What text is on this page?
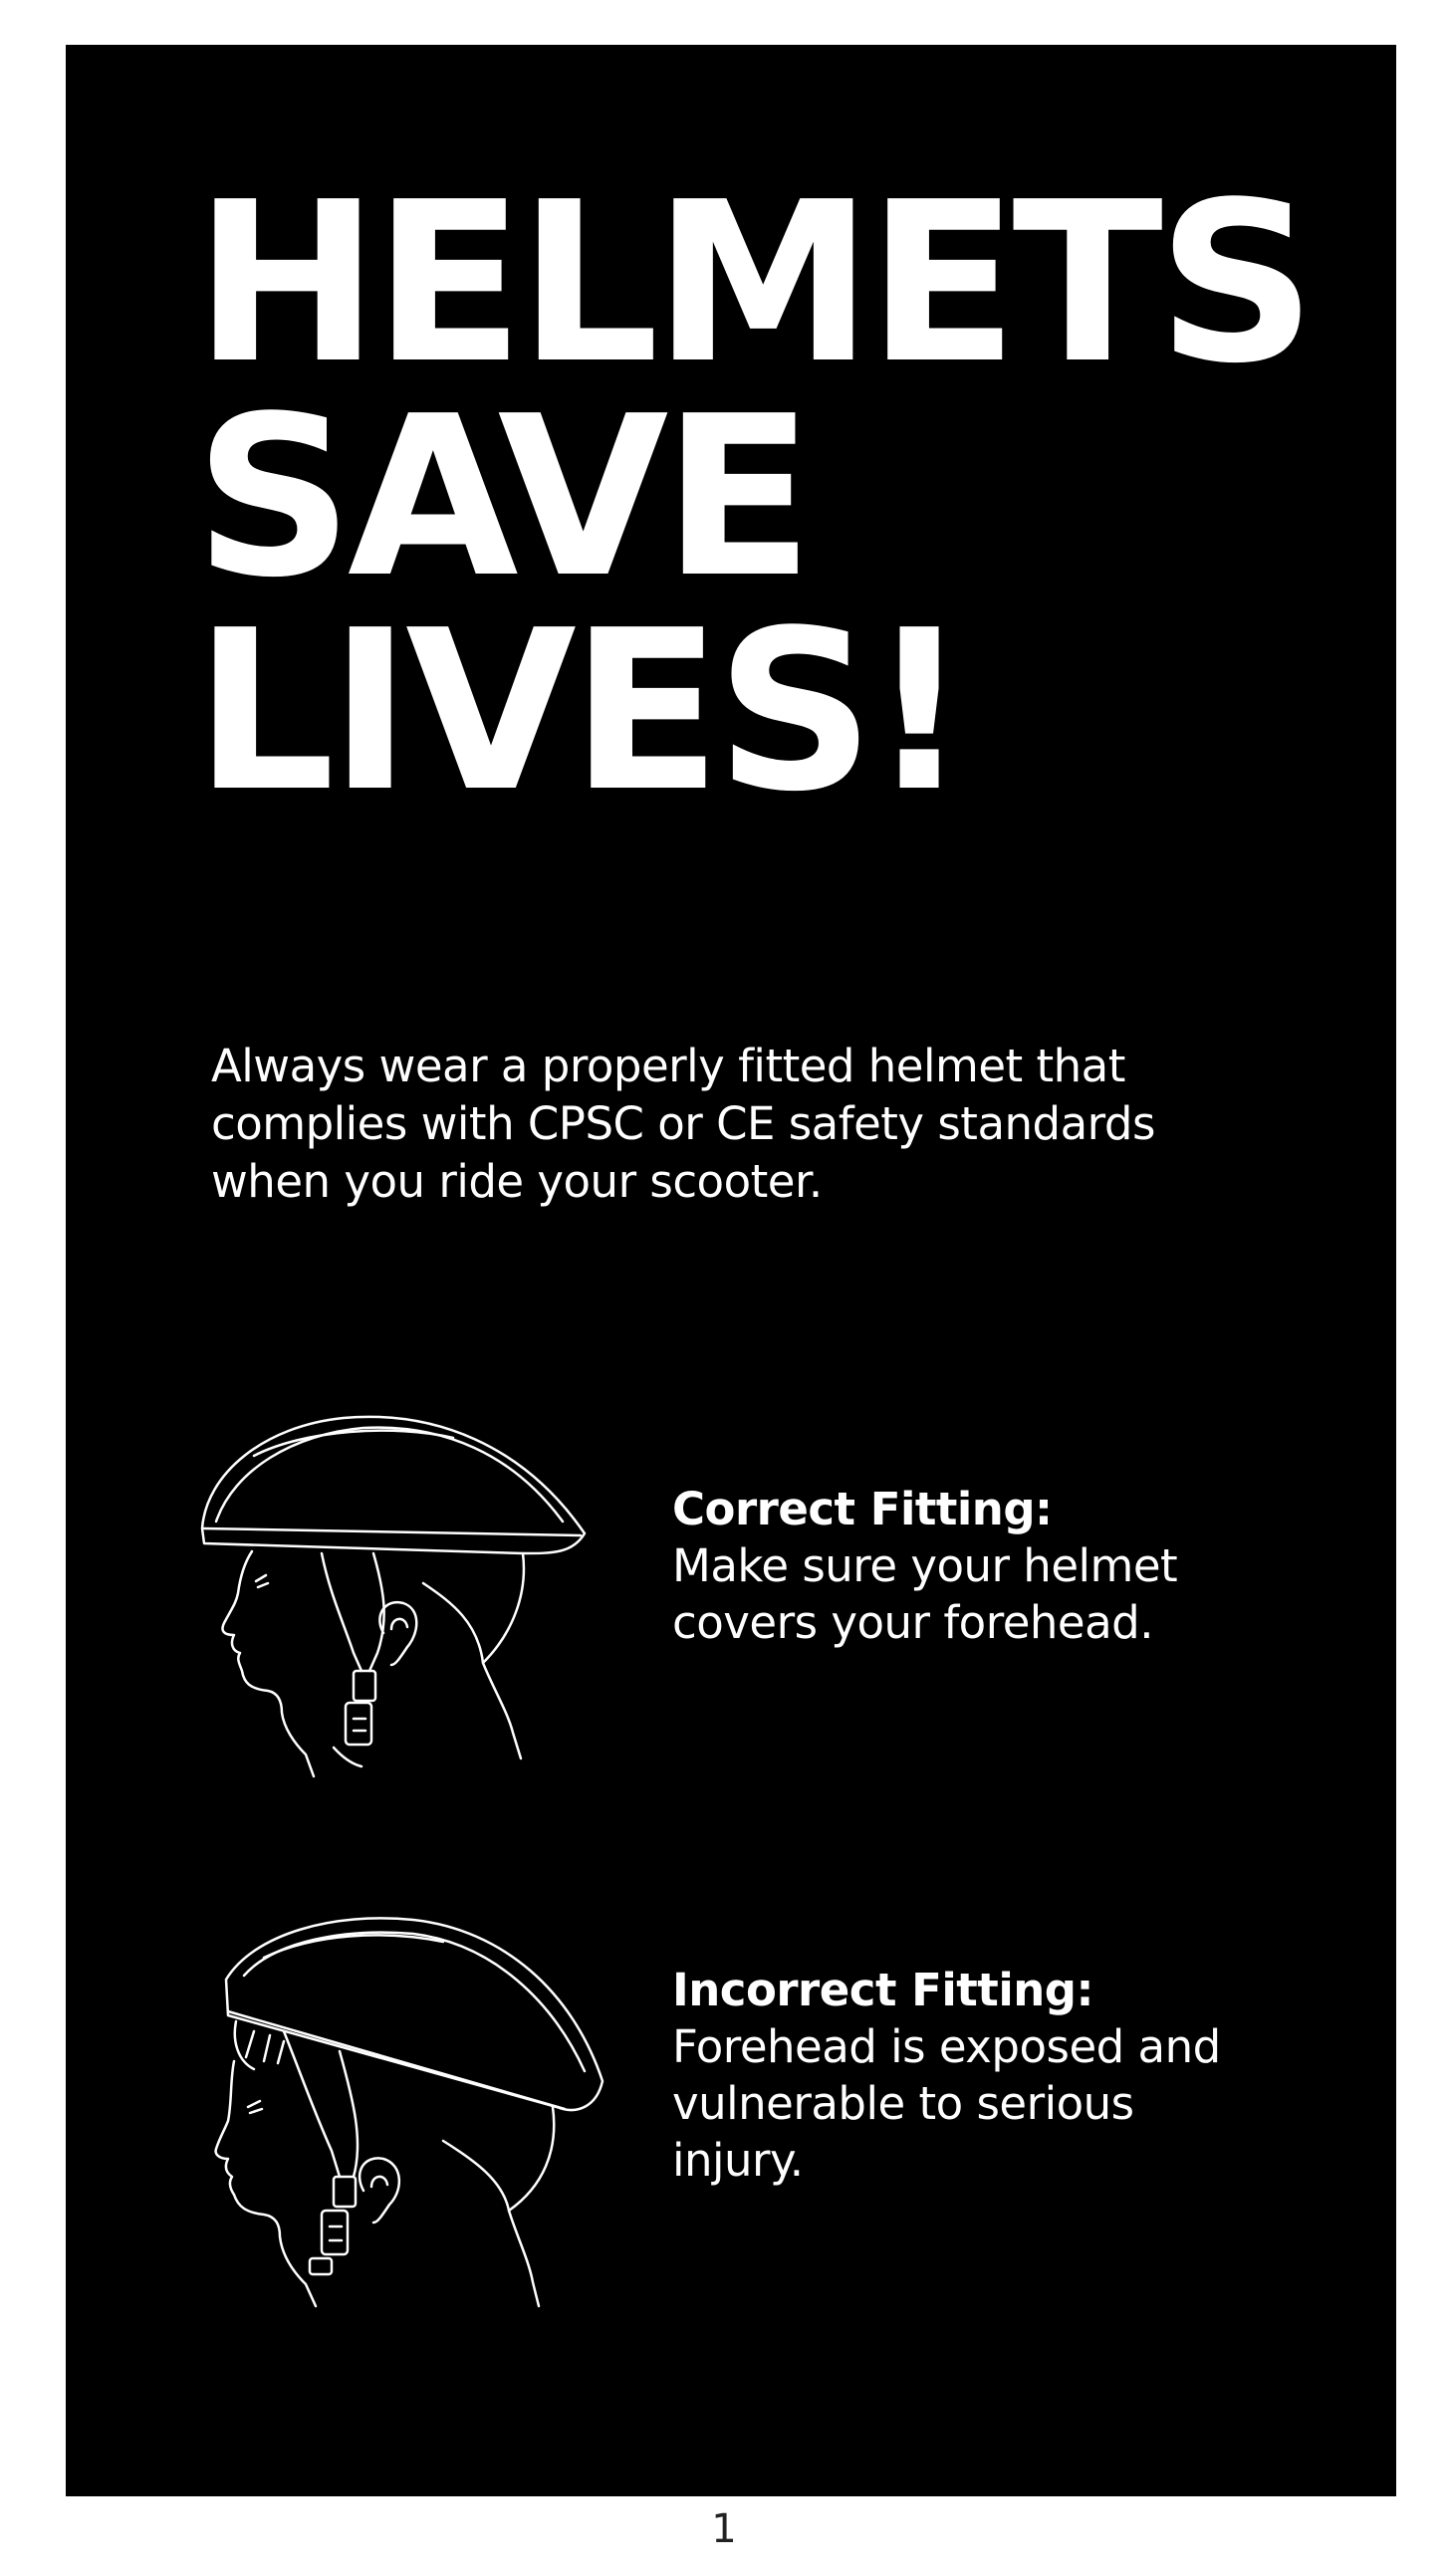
HELMETS
SAVE
LIVES!

Always wear a properly fitted helmet that complies with CPSC or CE safety standards when you ride your scooter.

Correct Fitting:
Make sure your helmet covers your forehead.
Incorrect Fitting:
Forehead is exposed and vulnerable to serious injury.
1
